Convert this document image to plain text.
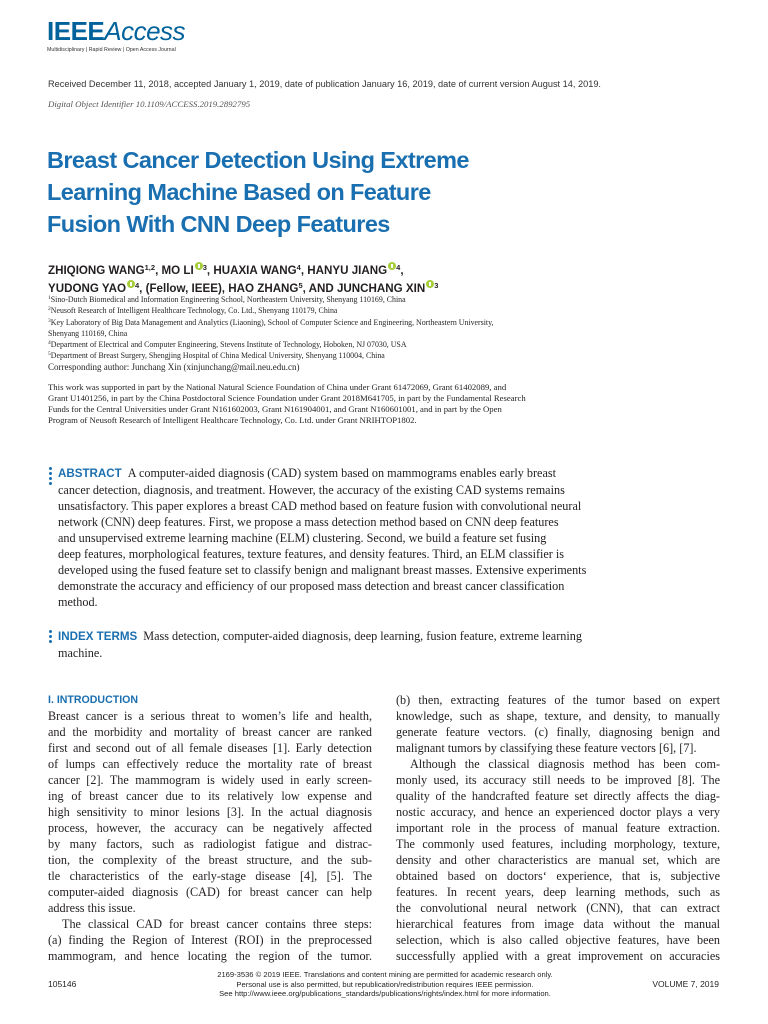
IEEEAccess
Multidisciplinary | Rapid Review | Open Access Journal
Received December 11, 2018, accepted January 1, 2019, date of publication January 16, 2019, date of current version August 14, 2019.
Digital Object Identifier 10.1109/ACCESS.2019.2892795
Breast Cancer Detection Using Extreme
Learning Machine Based on Feature
Fusion With CNN Deep Features
ZHIQIONG WANG$^{1,2}$, MO LI $^3$, HUAXIA WANG$^4$, HANYU JIANG $^4$,
YUDONG YAO $^4$, (Fellow, IEEE), HAO ZHANG$^5$, AND JUNCHANG XIN $^3$
$^1$Sino-Dutch Biomedical and Information Engineering School, Northeastern University, Shenyang 110169, China
$^2$Neusoft Research of Intelligent Healthcare Technology, Co. Ltd., Shenyang 110179, China
$^3$Key Laboratory of Big Data Management and Analytics (Liaoning), School of Computer Science and Engineering, Northeastern University,
Shenyang 110169, China
$^4$Department of Electrical and Computer Engineering, Stevens Institute of Technology, Hoboken, NJ 07030, USA
$^5$Department of Breast Surgery, Shengjing Hospital of China Medical University, Shenyang 110004, China
Corresponding author: Junchang Xin (xinjunchang@mail.neu.edu.cn)
This work was supported in part by the National Natural Science Foundation of China under Grant 61472069, Grant 61402089, and
Grant U1401256, in part by the China Postdoctoral Science Foundation under Grant 2018M641705, in part by the Fundamental Research
Funds for the Central Universities under Grant N161602003, Grant N161904001, and Grant N160601001, and in part by the Open
Program of Neusoft Research of Intelligent Healthcare Technology, Co. Ltd. under Grant NRIHTOP1802.
ABSTRACT A computer-aided diagnosis (CAD) system based on mammograms enables early breast
cancer detection, diagnosis, and treatment. However, the accuracy of the existing CAD systems remains
unsatisfactory. This paper explores a breast CAD method based on feature fusion with convolutional neural
network (CNN) deep features. First, we propose a mass detection method based on CNN deep features
and unsupervised extreme learning machine (ELM) clustering. Second, we build a feature set fusing
deep features, morphological features, texture features, and density features. Third, an ELM classifier is
developed using the fused feature set to classify benign and malignant breast masses. Extensive experiments
demonstrate the accuracy and efficiency of our proposed mass detection and breast cancer classification
method.
INDEX TERMS Mass detection, computer-aided diagnosis, deep learning, fusion feature, extreme learning
machine.
I. INTRODUCTION
Breast cancer is a serious threat to women’s life and health,
and the morbidity and mortality of breast cancer are ranked
first and second out of all female diseases [1]. Early detection
of lumps can effectively reduce the mortality rate of breast
cancer [2]. The mammogram is widely used in early screen-
ing of breast cancer due to its relatively low expense and
high sensitivity to minor lesions [3]. In the actual diagnosis
process, however, the accuracy can be negatively affected
by many factors, such as radiologist fatigue and distrac-
tion, the complexity of the breast structure, and the sub-
tle characteristics of the early-stage disease [4], [5]. The
computer-aided diagnosis (CAD) for breast cancer can help
address this issue.
The classical CAD for breast cancer contains three steps:
(a) finding the Region of Interest (ROI) in the preprocessed
mammogram, and hence locating the region of the tumor.
(b) then, extracting features of the tumor based on expert
knowledge, such as shape, texture, and density, to manually
generate feature vectors. (c) finally, diagnosing benign and
malignant tumors by classifying these feature vectors [6], [7].
Although the classical diagnosis method has been com-
monly used, its accuracy still needs to be improved [8]. The
quality of the handcrafted feature set directly affects the diag-
nostic accuracy, and hence an experienced doctor plays a very
important role in the process of manual feature extraction.
The commonly used features, including morphology, texture,
density and other characteristics are manual set, which are
obtained based on doctors‘ experience, that is, subjective
features. In recent years, deep learning methods, such as
the convolutional neural network (CNN), that can extract
hierarchical features from image data without the manual
selection, which is also called objective features, have been
successfully applied with a great improvement on accuracies
105146
2169-3536 © 2019 IEEE. Translations and content mining are permitted for academic research only.
Personal use is also permitted, but republication/redistribution requires IEEE permission.
See http://www.ieee.org/publications_standards/publications/rights/index.html for more information.
VOLUME 7, 2019
